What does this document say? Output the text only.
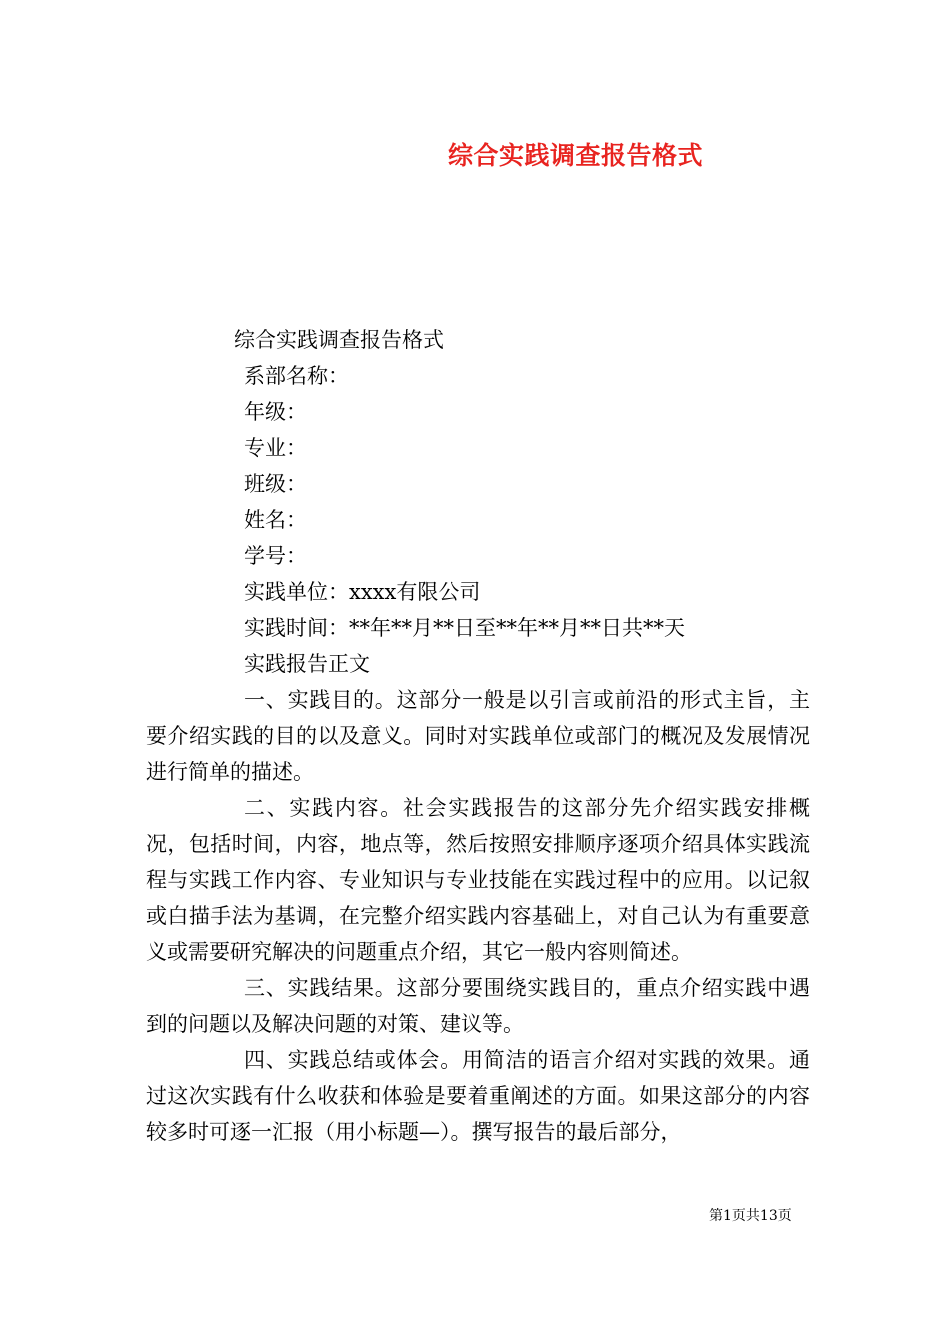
综合实践调查报告格式
综合实践调查报告格式
系部名称：
年级：
专业：
班级：
姓名：
学号：
实践单位：xxxx有限公司
实践时间：**年**月**日至**年**月**日共**天
实践报告正文

一、实践目的。这部分一般是以引言或前沿的形式主旨，主要介绍实践的目的以及意义。同时对实践单位或部门的概况及发展情况进行简单的描述。

二、实践内容。社会实践报告的这部分先介绍实践安排概况，包括时间，内容，地点等，然后按照安排顺序逐项介绍具体实践流程与实践工作内容、专业知识与专业技能在实践过程中的应用。以记叙或白描手法为基调，在完整介绍实践内容基础上，对自己认为有重要意义或需要研究解决的问题重点介绍，其它一般内容则简述。

三、实践结果。这部分要围绕实践目的，重点介绍实践中遇到的问题以及解决问题的对策、建议等。

四、实践总结或体会。用简洁的语言介绍对实践的效果。通过这次实践有什么收获和体验是要着重阐述的方面。如果这部分的内容较多时可逐一汇报（用小标题—）。撰写报告的最后部分，

第1页共13页
